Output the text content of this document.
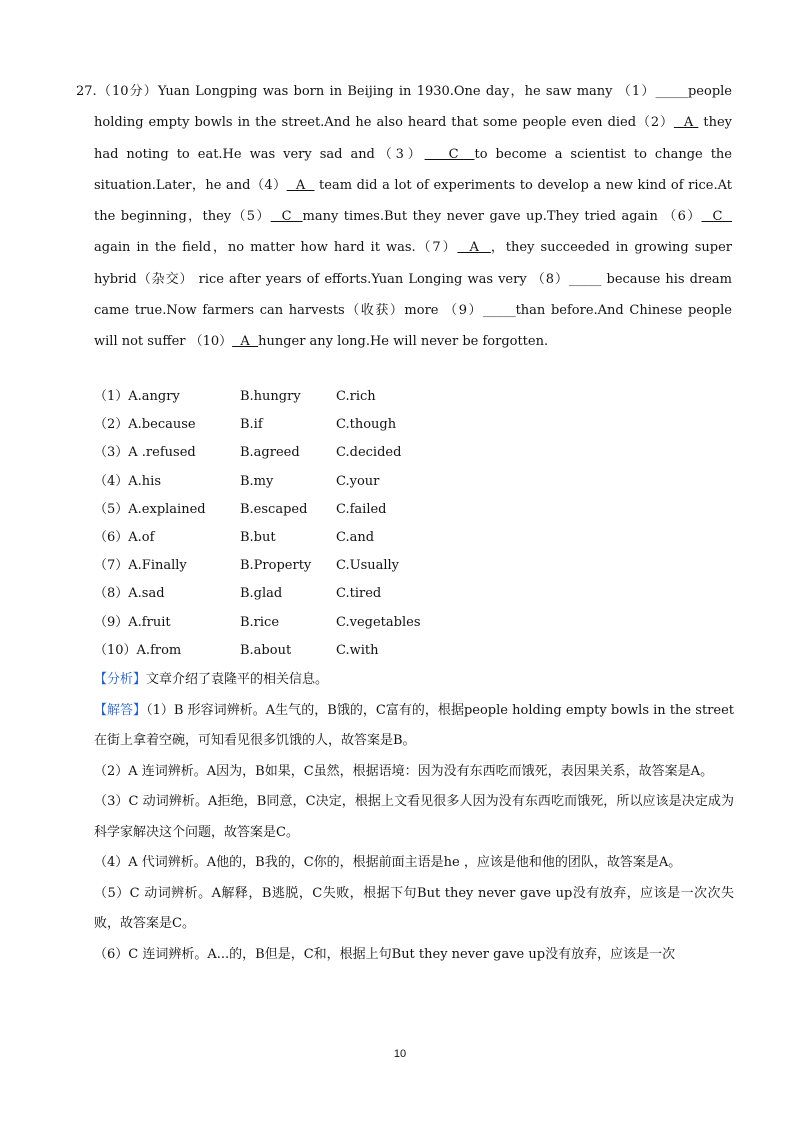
27.（10分）Yuan Longping was born in Beijing in 1930.One day，he saw many （1）_____people holding empty bowls in the street.And he also heard that some people even died（2）  A  they had noting to eat.He was very sad and（3）   C  to become a scientist to change the situation.Later，he and（4）  A   team did a lot of experiments to develop a new kind of rice.At the beginning，they（5）  C  many times.But they never gave up.They tried again （6）  C   again in the field，no matter how hard it was.（7）  A  ，they succeeded in growing super hybrid（杂交） rice after years of efforts.Yuan Longing was very （8）_____ because his dream came true.Now farmers can harvests（收获）more （9）_____than before.And Chinese people will not suffer （10）  A  hunger any long.He will never be forgotten.
（1）A.angry	B.hungry	C.rich
（2）A.because	B.if	C.though
（3）A .refused	B.agreed	C.decided
（4）A.his	B.my	C.your
（5）A.explained	B.escaped	C.failed
（6）A.of	B.but	C.and
（7）A.Finally	B.Property	C.Usually
（8）A.sad	B.glad	C.tired
（9）A.fruit	B.rice	C.vegetables
（10）A.from	B.about	C.with

【分析】文章介绍了袁隆平的相关信息。

【解答】（1）B 形容词辨析。A生气的，B饿的，C富有的，根据people holding empty bowls in the street在街上拿着空碗，可知看见很多饥饿的人，故答案是B。

（2）A 连词辨析。A因为，B如果，C虽然，根据语境：因为没有东西吃而饿死，表因果关系，故答案是A。

（3）C 动词辨析。A拒绝，B同意，C决定，根据上文看见很多人因为没有东西吃而饿死，所以应该是决定成为科学家解决这个问题，故答案是C。

（4）A 代词辨析。A他的，B我的，C你的，根据前面主语是he ，应该是他和他的团队，故答案是A。

（5）C 动词辨析。A解释，B逃脱，C失败，根据下句But they never gave up没有放弃，应该是一次次失败，故答案是C。

（6）C 连词辨析。A...的，B但是，C和，根据上句But they never gave up没有放弃，应该是一次

10
